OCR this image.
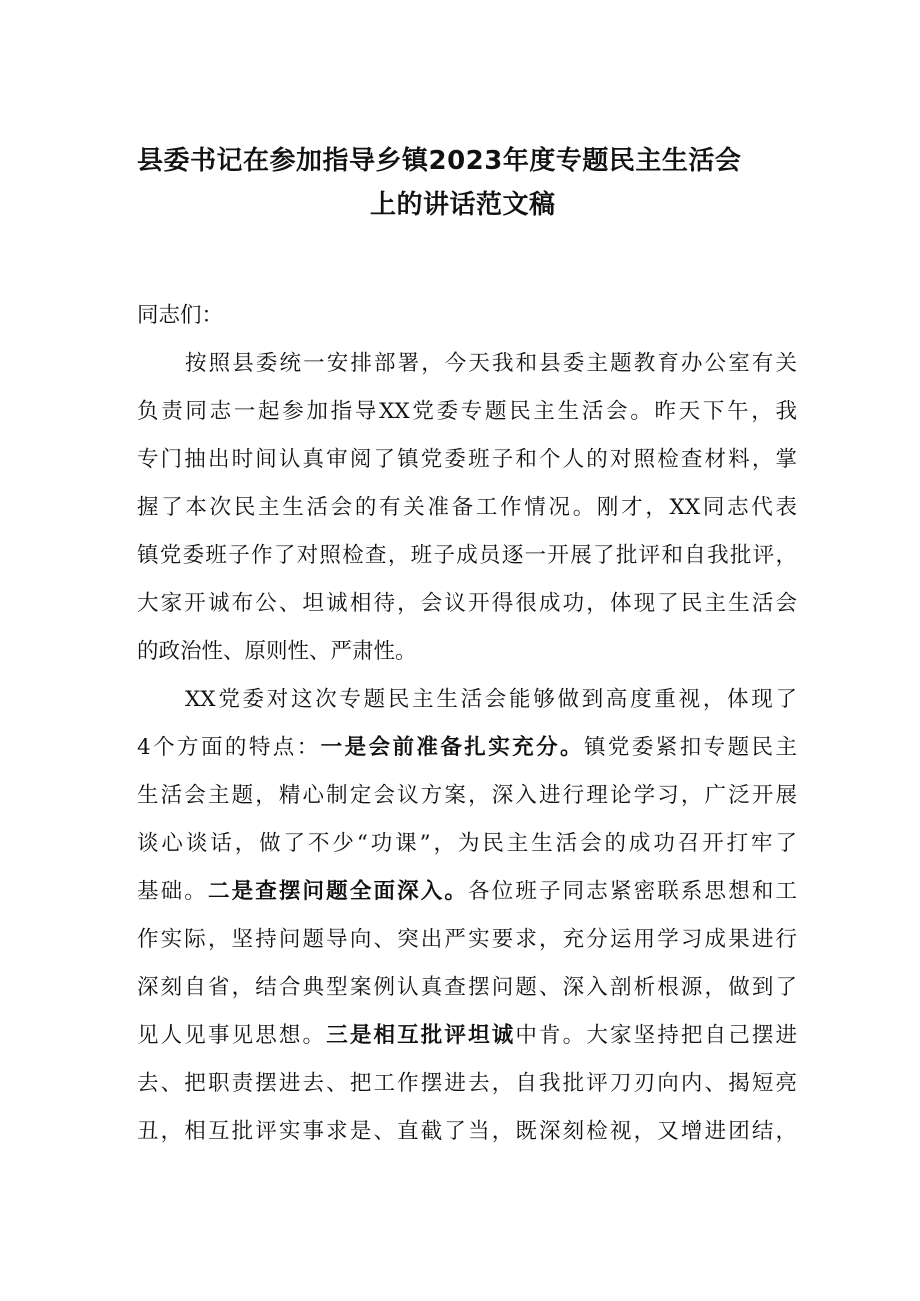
县委书记在参加指导乡镇2023年度专题民主生活会
上的讲话范文稿
同志们：
按照县委统一安排部署，今天我和县委主题教育办公室有关
负责同志一起参加指导XX党委专题民主生活会。昨天下午，我
专门抽出时间认真审阅了镇党委班子和个人的对照检查材料，掌
握了本次民主生活会的有关准备工作情况。刚才，XX同志代表
镇党委班子作了对照检查，班子成员逐一开展了批评和自我批评，
大家开诚布公、坦诚相待，会议开得很成功，体现了民主生活会
的政治性、原则性、严肃性。
XX党委对这次专题民主生活会能够做到高度重视，体现了
4个方面的特点：一是会前准备扎实充分。镇党委紧扣专题民主
生活会主题，精心制定会议方案，深入进行理论学习，广泛开展
谈心谈话，做了不少“功课”，为民主生活会的成功召开打牢了
基础。二是查摆问题全面深入。各位班子同志紧密联系思想和工
作实际，坚持问题导向、突出严实要求，充分运用学习成果进行
深刻自省，结合典型案例认真查摆问题、深入剖析根源，做到了
见人见事见思想。三是相互批评坦诚中肯。大家坚持把自己摆进
去、把职责摆进去、把工作摆进去，自我批评刀刃向内、揭短亮
丑，相互批评实事求是、直截了当，既深刻检视，又增进团结，
